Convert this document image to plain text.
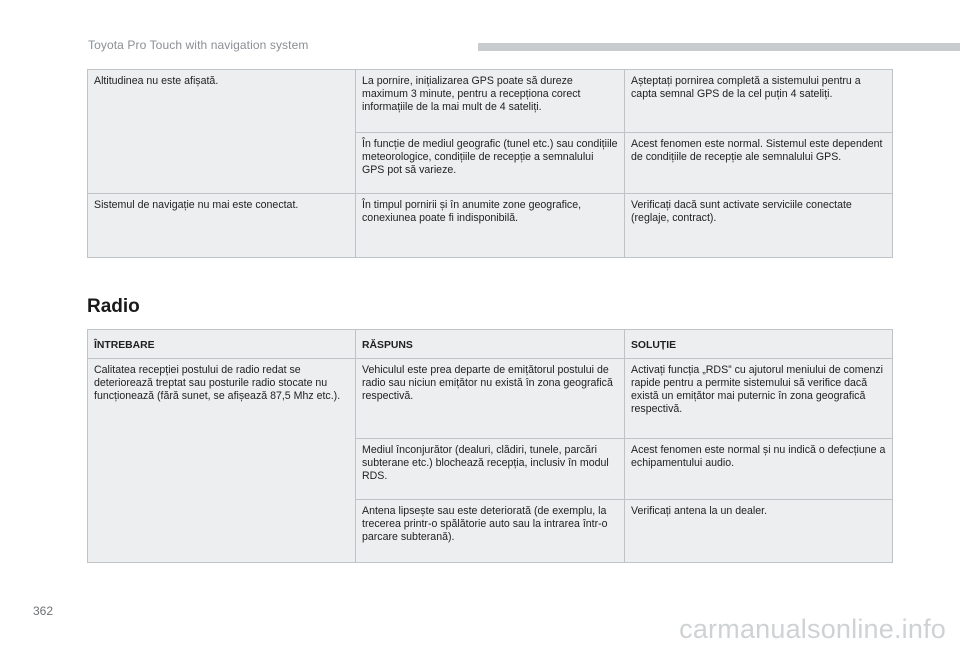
Toyota Pro Touch with navigation system
Altitudinea nu este afișată.	La pornire, inițializarea GPS poate să dureze maximum 3 minute, pentru a recepționa corect informațiile de la mai mult de 4 sateliți.	Așteptați pornirea completă a sistemului pentru a capta semnal GPS de la cel puțin 4 sateliți.
	În funcție de mediul geografic (tunel etc.) sau condițiile meteorologice, condițiile de recepție a semnalului GPS pot să varieze.	Acest fenomen este normal. Sistemul este dependent de condițiile de recepție ale semnalului GPS.
Sistemul de navigație nu mai este conectat.	În timpul pornirii și în anumite zone geografice, conexiunea poate fi indisponibilă.	Verificați dacă sunt activate serviciile conectate (reglaje, contract).
Radio
ÎNTREBARE	RĂSPUNS	SOLUȚIE
Calitatea recepției postului de radio redat se deteriorează treptat sau posturile radio stocate nu funcționează (fără sunet, se afișează 87,5 Mhz etc.).	Vehiculul este prea departe de emițătorul postului de radio sau niciun emițător nu există în zona geografică respectivă.	Activați funcția „RDS” cu ajutorul meniului de comenzi rapide pentru a permite sistemului să verifice dacă există un emițător mai puternic în zona geografică respectivă.
	Mediul înconjurător (dealuri, clădiri, tunele, parcări subterane etc.) blochează recepția, inclusiv în modul RDS.	Acest fenomen este normal și nu indică o defecțiune a echipamentului audio.
	Antena lipsește sau este deteriorată (de exemplu, la trecerea printr-o spălătorie auto sau la intrarea într-o parcare subterană).	Verificați antena la un dealer.
362
carmanualsonline.info
